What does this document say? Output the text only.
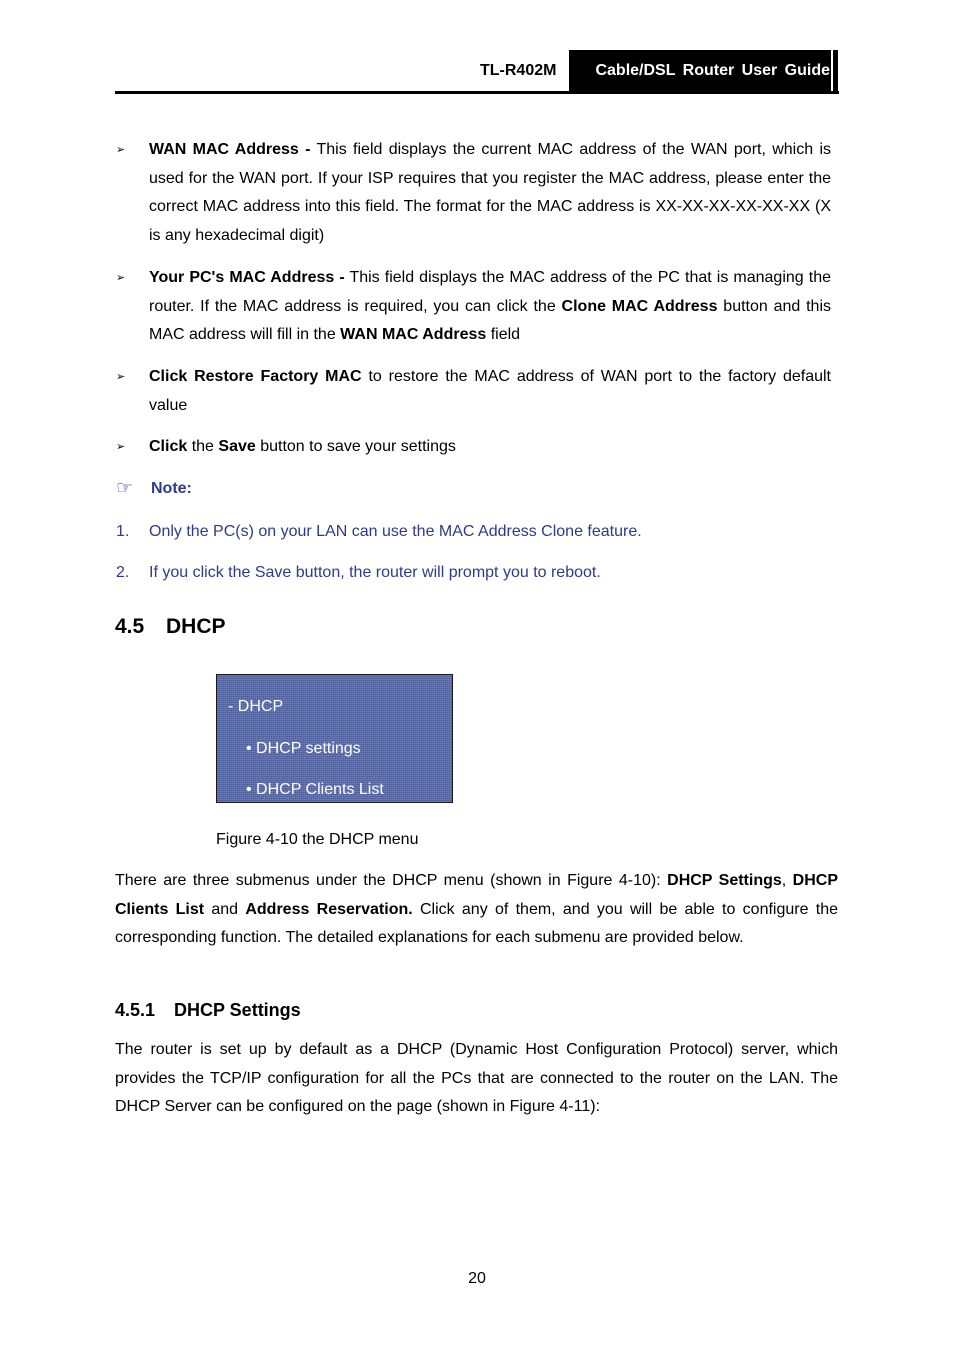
TL-R402M	Cable/DSL Router User Guide
➢ WAN MAC Address - This field displays the current MAC address of the WAN port, which is used for the WAN port. If your ISP requires that you register the MAC address, please enter the correct MAC address into this field. The format for the MAC address is XX-XX-XX-XX-XX-XX (X is any hexadecimal digit)
➢ Your PC's MAC Address - This field displays the MAC address of the PC that is managing the router. If the MAC address is required, you can click the Clone MAC Address button and this MAC address will fill in the WAN MAC Address field
➢ Click Restore Factory MAC to restore the MAC address of WAN port to the factory default value
➢ Click the Save button to save your settings
☞ Note:
1. Only the PC(s) on your LAN can use the MAC Address Clone feature.
2. If you click the Save button, the router will prompt you to reboot.
4.5 DHCP
- DHCP
• DHCP settings
• DHCP Clients List
Figure 4-10 the DHCP menu
There are three submenus under the DHCP menu (shown in Figure 4-10): DHCP Settings, DHCP Clients List and Address Reservation. Click any of them, and you will be able to configure the corresponding function. The detailed explanations for each submenu are provided below.
4.5.1 DHCP Settings
The router is set up by default as a DHCP (Dynamic Host Configuration Protocol) server, which provides the TCP/IP configuration for all the PCs that are connected to the router on the LAN. The DHCP Server can be configured on the page (shown in Figure 4-11):
20
